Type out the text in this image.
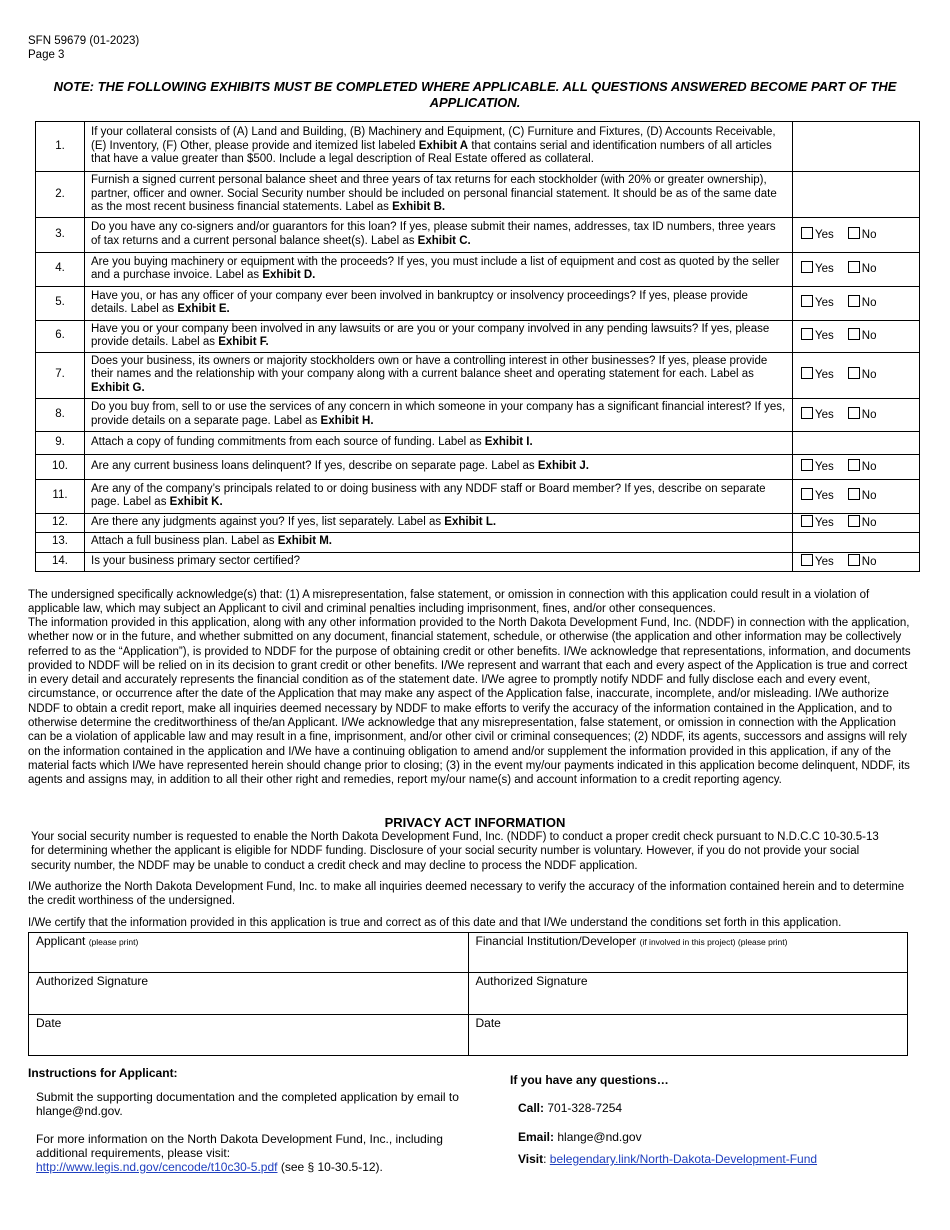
SFN 59679 (01-2023)
Page 3
NOTE: THE FOLLOWING EXHIBITS MUST BE COMPLETED WHERE APPLICABLE. ALL QUESTIONS ANSWERED BECOME PART OF THE APPLICATION.
1.	If your collateral consists of (A) Land and Building, (B) Machinery and Equipment, (C) Furniture and Fixtures, (D) Accounts Receivable, (E) Inventory, (F) Other, please provide and itemized list labeled Exhibit A that contains serial and identification numbers of all articles that have a value greater than $500. Include a legal description of Real Estate offered as collateral.	
2.	Furnish a signed current personal balance sheet and three years of tax returns for each stockholder (with 20% or greater ownership), partner, officer and owner. Social Security number should be included on personal financial statement. It should be as of the same date as the most recent business financial statements. Label as Exhibit B.	
3.	Do you have any co-signers and/or guarantors for this loan? If yes, please submit their names, addresses, tax ID numbers, three years of tax returns and a current personal balance sheet(s). Label as Exhibit C.	Yes No
4.	Are you buying machinery or equipment with the proceeds? If yes, you must include a list of equipment and cost as quoted by the seller and a purchase invoice. Label as Exhibit D.	Yes No
5.	Have you, or has any officer of your company ever been involved in bankruptcy or insolvency proceedings? If yes, please provide details. Label as Exhibit E.	Yes No
6.	Have you or your company been involved in any lawsuits or are you or your company involved in any pending lawsuits? If yes, please provide details. Label as Exhibit F.	Yes No
7.	Does your business, its owners or majority stockholders own or have a controlling interest in other businesses? If yes, please provide their names and the relationship with your company along with a current balance sheet and operating statement for each. Label as Exhibit G.	Yes No
8.	Do you buy from, sell to or use the services of any concern in which someone in your company has a significant financial interest? If yes, provide details on a separate page. Label as Exhibit H.	Yes No
9.	Attach a copy of funding commitments from each source of funding. Label as Exhibit I.	
10.	Are any current business loans delinquent? If yes, describe on separate page. Label as Exhibit J.	Yes No
11.	Are any of the company’s principals related to or doing business with any NDDF staff or Board member? If yes, describe on separate page. Label as Exhibit K.	Yes No
12.	Are there any judgments against you? If yes, list separately. Label as Exhibit L.	Yes No
13.	Attach a full business plan. Label as Exhibit M.	
14.	Is your business primary sector certified?	Yes No
The undersigned specifically acknowledge(s) that: (1) A misrepresentation, false statement, or omission in connection with this application could result in a violation of applicable law, which may subject an Applicant to civil and criminal penalties including imprisonment, fines, and/or other consequences.
The information provided in this application, along with any other information provided to the North Dakota Development Fund, Inc. (NDDF) in connection with the application, whether now or in the future, and whether submitted on any document, financial statement, schedule, or otherwise (the application and other information may be collectively referred to as the “Application”), is provided to NDDF for the purpose of obtaining credit or other benefits. I/We acknowledge that representations, information, and documents provided to NDDF will be relied on in its decision to grant credit or other benefits. I/We represent and warrant that each and every aspect of the Application is true and correct in every detail and accurately represents the financial condition as of the statement date. I/We agree to promptly notify NDDF and fully disclose each and every event, circumstance, or occurrence after the date of the Application that may make any aspect of the Application false, inaccurate, incomplete, and/or misleading. I/We authorize NDDF to obtain a credit report, make all inquiries deemed necessary by NDDF to make efforts to verify the accuracy of the information contained in the Application, and to otherwise determine the creditworthiness of the/an Applicant. I/We acknowledge that any misrepresentation, false statement, or omission in connection with the Application can be a violation of applicable law and may result in a fine, imprisonment, and/or other civil or criminal consequences; (2) NDDF, its agents, successors and assigns will rely on the information contained in the application and I/We have a continuing obligation to amend and/or supplement the information provided in this application, if any of the material facts which I/We have represented herein should change prior to closing; (3) in the event my/our payments indicated in this application become delinquent, NDDF, its agents and assigns may, in addition to all their other right and remedies, report my/our name(s) and account information to a credit reporting agency.
PRIVACY ACT INFORMATION
Your social security number is requested to enable the North Dakota Development Fund, Inc. (NDDF) to conduct a proper credit check pursuant to N.D.C.C 10-30.5-13 for determining whether the applicant is eligible for NDDF funding. Disclosure of your social security number is voluntary. However, if you do not provide your social security number, the NDDF may be unable to conduct a credit check and may decline to process the NDDF application.
I/We authorize the North Dakota Development Fund, Inc. to make all inquiries deemed necessary to verify the accuracy of the information contained herein and to determine the credit worthiness of the undersigned.
I/We certify that the information provided in this application is true and correct as of this date and that I/We understand the conditions set forth in this application.
Applicant (please print)	Financial Institution/Developer (if involved in this project) (please print)
Authorized Signature	Authorized Signature
Date	Date
Instructions for Applicant:

Submit the supporting documentation and the completed application by email to hlange@nd.gov.

For more information on the North Dakota Development Fund, Inc., including additional requirements, please visit:
http://www.legis.nd.gov/cencode/t10c30-5.pdf (see § 10-30.5-12).

If you have any questions…
Call: 701-328-7254
Email: hlange@nd.gov
Visit: belegendary.link/North-Dakota-Development-Fund
